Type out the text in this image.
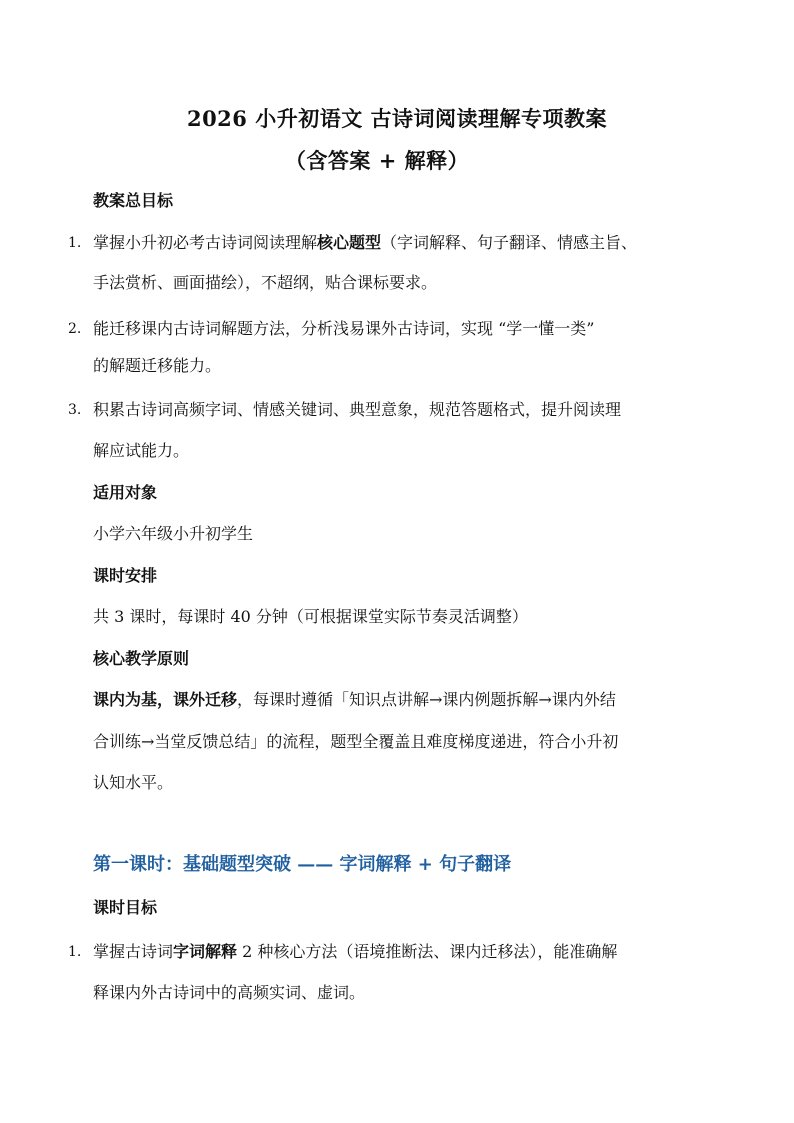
2026 小升初语文 古诗词阅读理解专项教案
（含答案 + 解释）
教案总目标
1. 掌握小升初必考古诗词阅读理解核心题型（字词解释、句子翻译、情感主旨、
手法赏析、画面描绘），不超纲，贴合课标要求。
2. 能迁移课内古诗词解题方法，分析浅易课外古诗词，实现 “学一懂一类”
的解题迁移能力。
3. 积累古诗词高频字词、情感关键词、典型意象，规范答题格式，提升阅读理
解应试能力。
适用对象
小学六年级小升初学生
课时安排
共 3 课时，每课时 40 分钟（可根据课堂实际节奏灵活调整）
核心教学原则
课内为基，课外迁移，每课时遵循「知识点讲解→课内例题拆解→课内外结
合训练→当堂反馈总结」的流程，题型全覆盖且难度梯度递进，符合小升初
认知水平。
第一课时：基础题型突破 —— 字词解释 + 句子翻译
课时目标
1. 掌握古诗词字词解释 2 种核心方法（语境推断法、课内迁移法），能准确解
释课内外古诗词中的高频实词、虚词。
